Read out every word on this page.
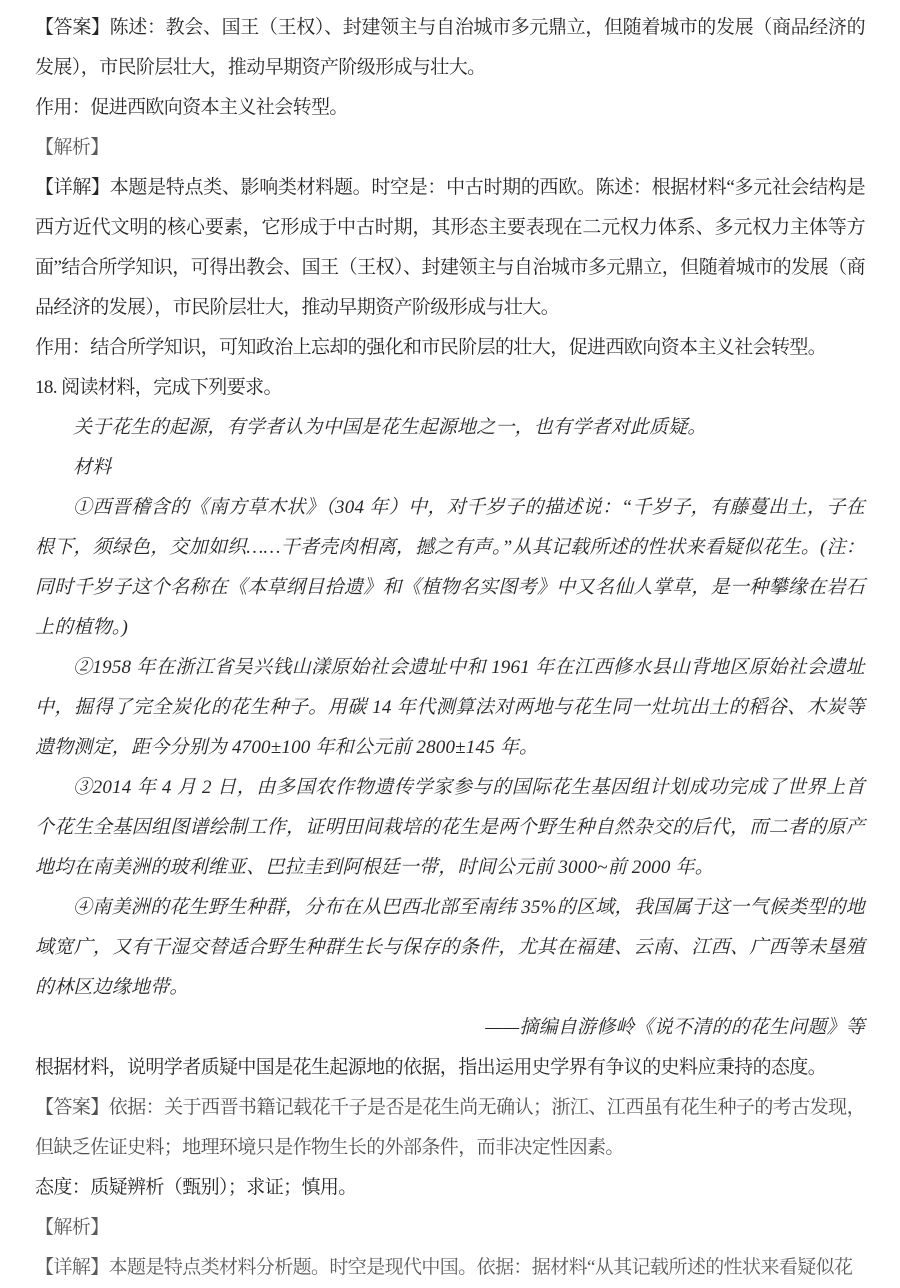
【答案】陈述：教会、国王（王权）、封建领主与自治城市多元鼎立，但随着城市的发展（商品经济的发展），市民阶层壮大，推动早期资产阶级形成与壮大。

作用：促进西欧向资本主义社会转型。

【解析】

【详解】本题是特点类、影响类材料题。时空是：中古时期的西欧。陈述：根据材料“多元社会结构是西方近代文明的核心要素，它形成于中古时期，其形态主要表现在二元权力体系、多元权力主体等方面”结合所学知识，可得出教会、国王（王权）、封建领主与自治城市多元鼎立，但随着城市的发展（商品经济的发展），市民阶层壮大，推动早期资产阶级形成与壮大。

作用：结合所学知识，可知政治上忘却的强化和市民阶层的壮大，促进西欧向资本主义社会转型。

18. 阅读材料，完成下列要求。

关于花生的起源，有学者认为中国是花生起源地之一，也有学者对此质疑。

材料

①西晋稽含的《南方草木状》（304 年）中，对千岁子的描述说：“千岁子，有藤蔓出土，子在根下，须绿色，交加如织……干者壳肉相离，撼之有声。”从其记载所述的性状来看疑似花生。(注：同时千岁子这个名称在《本草纲目拾遗》和《植物名实图考》中又名仙人掌草，是一种攀缘在岩石上的植物。)

②1958 年在浙江省吴兴钱山漾原始社会遗址中和 1961 年在江西修水县山背地区原始社会遗址中，掘得了完全炭化的花生种子。用碳 14 年代测算法对两地与花生同一灶坑出土的稻谷、木炭等遗物测定，距今分别为 4700±100 年和公元前 2800±145 年。

③2014 年 4 月 2 日，由多国农作物遗传学家参与的国际花生基因组计划成功完成了世界上首个花生全基因组图谱绘制工作，证明田间栽培的花生是两个野生种自然杂交的后代，而二者的原产地均在南美洲的玻利维亚、巴拉圭到阿根廷一带，时间公元前 3000~前 2000 年。

④南美洲的花生野生种群，分布在从巴西北部至南纬 35%的区域，我国属于这一气候类型的地域宽广，又有干湿交替适合野生种群生长与保存的条件，尤其在福建、云南、江西、广西等未垦殖的林区边缘地带。

——摘编自游修岭《说不清的的花生问题》等

根据材料，说明学者质疑中国是花生起源地的依据，指出运用史学界有争议的史料应秉持的态度。

【答案】依据：关于西晋书籍记载花千子是否是花生尚无确认；浙江、江西虽有花生种子的考古发现，但缺乏佐证史料；地理环境只是作物生长的外部条件，而非决定性因素。

态度：质疑辨析（甄别）；求证；慎用。

【解析】

【详解】本题是特点类材料分析题。时空是现代中国。依据：据材料“从其记载所述的性状来看疑似花
